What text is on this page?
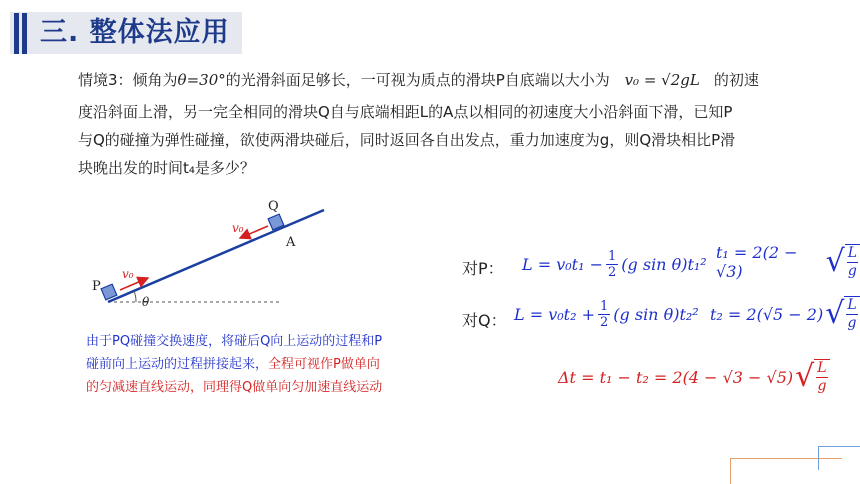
三. 整体法应用
情境3：倾角为θ=30°的光滑斜面足够长，一可视为质点的滑块P自底端以大小为 v₀ = √2gL 的初速
度沿斜面上滑，另一完全相同的滑块Q自与底端相距L的A点以相同的初速度大小沿斜面下滑，已知P
与Q的碰撞为弹性碰撞，欲使两滑块碰后，同时返回各自出发点，重力加速度为g，则Q滑块相比P滑
块晚出发的时间t₄是多少？
Q
A
P
v₀
v₀
θ
由于PQ碰撞交换速度，将碰后Q向上运动的过程和P
碰前向上运动的过程拼接起来，全程可视作P做单向
的匀减速直线运动，同理得Q做单向匀加速直线运动
对P： $L = v_0t_1 - \frac{1}{2} (g$ sin θ)t₁²
t₁ = 2(2 − √3)	√ $\frac{L}{g}$
对Q： $L = v_0t_2 + \frac{1}{2} (g$ sin θ)t₂² t₂ = 2(√5 − 2) √ $\frac{L}{g}$
Δt = t₁ − t₂ = 2(4 − √3 − √5) √ $\frac{L}{g}$
